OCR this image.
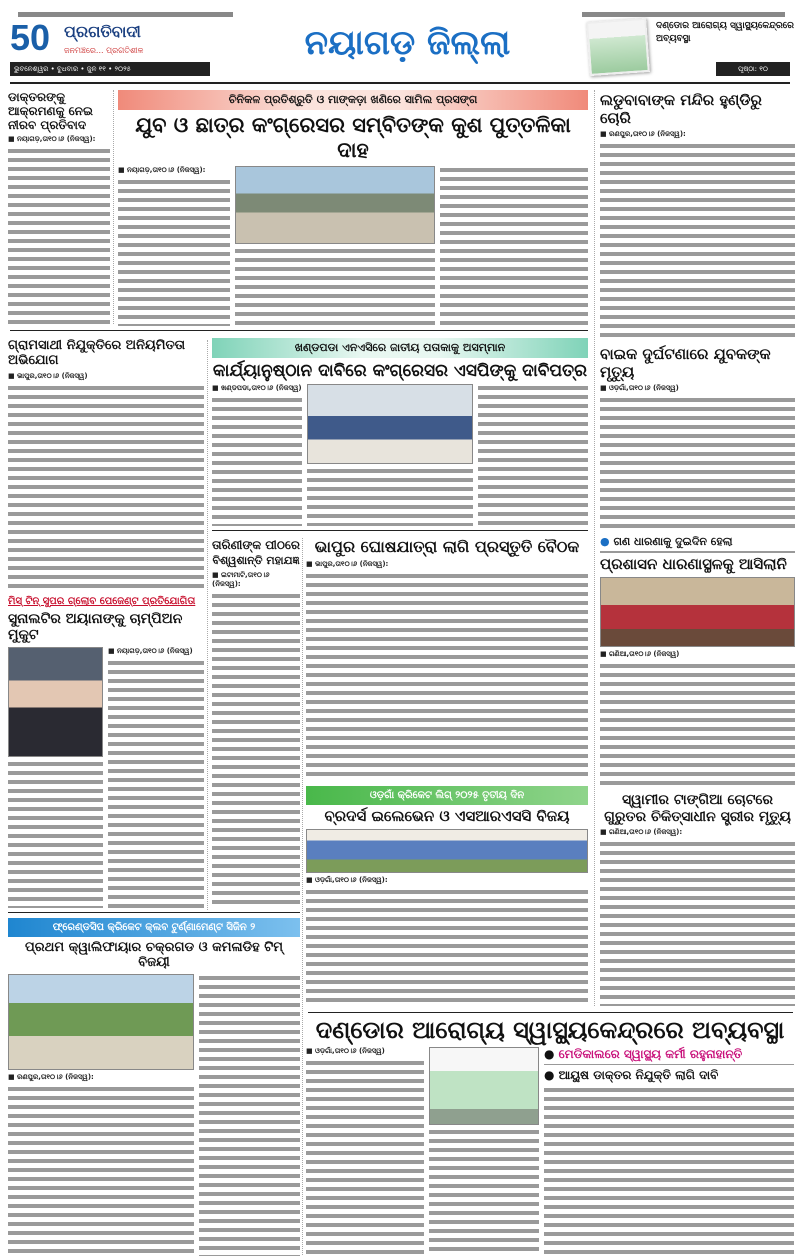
50 ପ୍ରଗତିବାଦୀ
ଜନମଞ୍ଚରେ... ପ୍ରଗତିଶୀଳ
ଭୁବନେଶ୍ୱର • ବୁଧବାର • ଜୁନ ୧୧ • ୨୦୨୫
ନୟାଗଡ଼ ଜିଲ୍ଲା	ଦଣ୍ଡୋର ଆରୋଗ୍ୟ ସ୍ୱାସ୍ଥ୍ୟକେନ୍ଦ୍ରରେ ଅବ୍ୟବସ୍ଥା
ପୃଷ୍ଠା: ୧୦
ଡାକ୍ତରଙ୍କୁ ଆକ୍ରମଣକୁ ନେଇ ନୀରବ ପ୍ରତିବାଦ
■ ନୟାଗଡ଼,ତା୧୦।୬ (ନିଜସ୍ୱ):
ଚିନିକଳ ପ୍ରତିଶ୍ରୁତି ଓ ମାଙ୍କଡ଼ା ଖଣିରେ ସାମିଲ ପ୍ରସଙ୍ଗ
ଯୁବ ଓ ଛାତ୍ର କଂଗ୍ରେସର ସମ୍ବିତଙ୍କ କୁଶ ପୁତ୍ତଳିକା ଦାହ
■ ନୟାଗଡ଼,ତା୧୦।୬ (ନିଜସ୍ୱ):
ଲଡୁବାବାଙ୍କ ମନ୍ଦିର ହୁଣ୍ଡିରୁ ଚୋରି
■ ରଣପୁର,ତା୧୦।୬ (ନିଜସ୍ୱ):
ଗ୍ରାମସାଥୀ ନିଯୁକ୍ତିରେ ଅନିୟମିତତା ଅଭିଯୋଗ
■ ଭାପୁର,ତା୧୦।୬ (ନିଜସ୍ୱ)
ଖଣ୍ଡପଡା ଏନଏସିରେ ଜାତୀୟ ପତାକାକୁ ଅସମ୍ମାନ
କାର୍ଯ୍ୟାନୁଷ୍ଠାନ ଦାବିରେ କଂଗ୍ରେସର ଏସପିଙ୍କୁ ଦାବିପତ୍ର
■ ଖଣ୍ଡପଡା,ତା୧୦।୬ (ନିଜସ୍ୱ)
ବାଇକ ଦୁର୍ଘଟଣାରେ ଯୁବକଙ୍କ ମୃତ୍ୟୁ
■ ଓଡ଼ଗାଁ,ତା୧୦।୬ (ନିଜସ୍ୱ)
● ଗଣ ଧାରଣାକୁ ଦୁଇଦିନ ହେଲା
ପ୍ରଶାସନ ଧାରଣାସ୍ଥଳକୁ ଆସିଲାନି
■ ଗଣିଆ,ତା୧୦।୬ (ନିଜସ୍ୱ)
ମିସ୍ ଟିନ୍ ସୁପର ଗ୍ଲୋବ ପେଜେଣ୍ଟ ପ୍ରତିଯୋଗିତା
ସୁନାଲଟିର ଅୟାନାଙ୍କୁ ଚାମ୍ପିଅନ ମୁକୁଟ
■ ନୟାଗଡ଼,ତା୧୦।୬ (ନିଜସ୍ୱ)
ତାରିଣୀଙ୍କ ପୀଠରେ
ବିଶ୍ୱଶାନ୍ତି ମହାଯଜ୍ଞ
■ ଇଟାମାଟି,ତା୧୦।୬ (ନିଜସ୍ୱ):
ଭାପୁର ଘୋଷଯାତ୍ରା ଲାଗି ପ୍ରସ୍ତୁତି ବୈଠକ
■ ଭାପୁର,ତା୧୦।୬ (ନିଜସ୍ୱ):
ଓଡ଼ଗାଁ କ୍ରିକେଟ ଲିଗ୍ ୨୦୨୫ ତୃତୀୟ ଦିନ
ବ୍ରଦର୍ସ ଇଲେଭେନ ଓ ଏସଆରଏସସି ବିଜୟ
■ ଓଡ଼ଗାଁ,ତା୧୦।୬ (ନିଜସ୍ୱ):
ସ୍ୱାମୀର ଟାଙ୍ଗିଆ ଚୋଟରେ ଗୁରୁତର ଚିକିତ୍ସାଧୀନ ସ୍ତ୍ରୀର ମୃତ୍ୟୁ
■ ଗଣିଆ,ତା୧୦।୬ (ନିଜସ୍ୱ):
ଫ୍ରେଣ୍ଡସିପ କ୍ରିକେଟ କ୍ଲବ ଟୁର୍ଣ୍ଣାମେଣ୍ଟ ସିଜିନ ୨
ପ୍ରଥମ କ୍ୱାଲିଫାୟାର ଚକ୍ରଗଡ ଓ କମଳାଡିହ ଟିମ୍ ବିଜୟୀ
■ ରଣପୁର,ତା୧୦।୬ (ନିଜସ୍ୱ):
ଦଣ୍ଡୋର ଆରୋଗ୍ୟ ସ୍ୱାସ୍ଥ୍ୟକେନ୍ଦ୍ରରେ ଅବ୍ୟବସ୍ଥା
■ ଓଡ଼ଗାଁ,ତା୧୦।୬ (ନିଜସ୍ୱ)	● ମେଡିକାଲରେ ସ୍ୱାସ୍ଥ୍ୟ କର୍ମୀ ରହୁନାହାନ୍ତି
● ଆୟୁଷ ଡାକ୍ତର ନିଯୁକ୍ତି ଲାଗି ଦାବି
